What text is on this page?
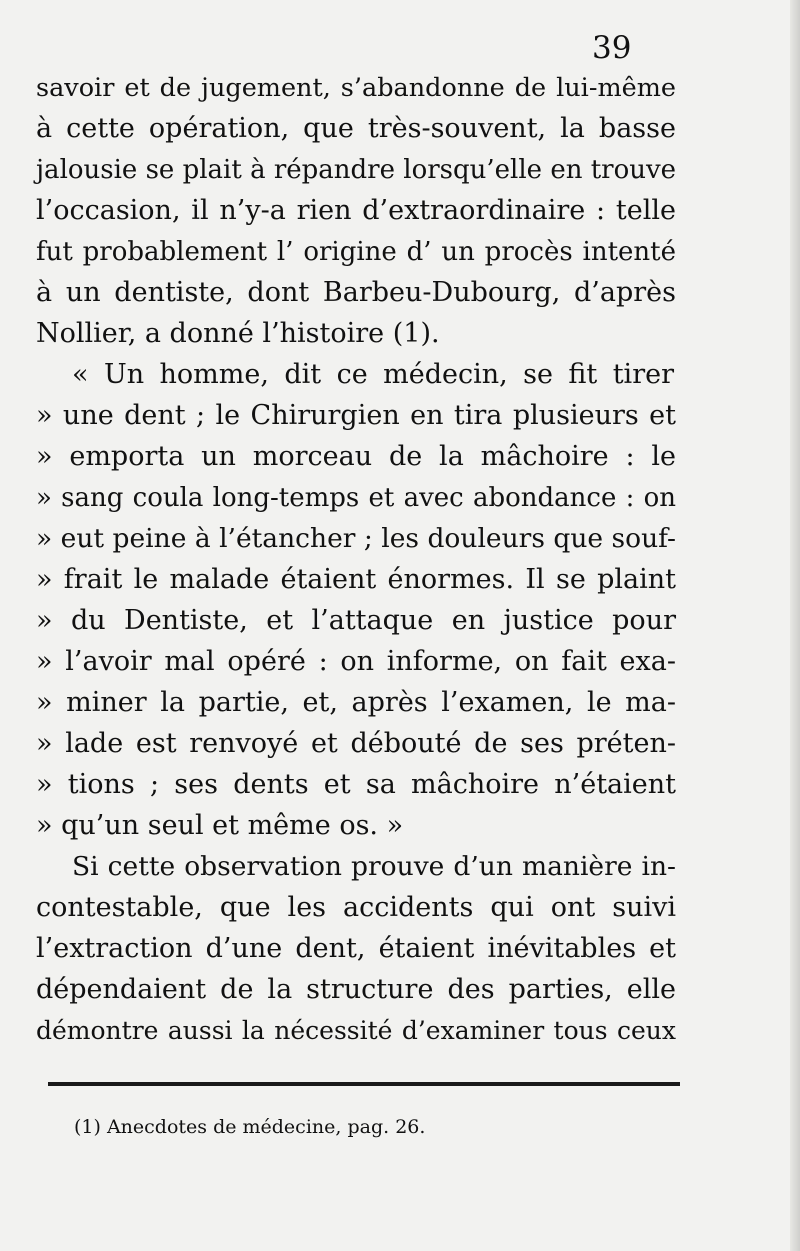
39
savoir et de jugement, s’abandonne de lui-même
à cette opération, que très-souvent, la basse
jalousie se plait à répandre lorsqu’elle en trouve
l’occasion, il n’y-a rien d’extraordinaire : telle
fut probablement l’ origine d’ un procès intenté
à un dentiste, dont Barbeu-Dubourg, d’après
Nollier, a donné l’histoire (1).
« Un homme, dit ce médecin, se fit tirer
» une dent ; le Chirurgien en tira plusieurs et
» emporta un morceau de la mâchoire : le
» sang coula long-temps et avec abondance : on
» eut peine à l’étancher ; les douleurs que souf-
» frait le malade étaient énormes. Il se plaint
» du Dentiste, et l’attaque en justice pour
» l’avoir mal opéré : on informe, on fait exa-
» miner la partie, et, après l’examen, le ma-
» lade est renvoyé et débouté de ses préten-
» tions ; ses dents et sa mâchoire n’étaient
» qu’un seul et même os. »
Si cette observation prouve d’un manière in-
contestable, que les accidents qui ont suivi
l’extraction d’une dent, étaient inévitables et
dépendaient de la structure des parties, elle
démontre aussi la nécessité d’examiner tous ceux
(1) Anecdotes de médecine, pag. 26.
